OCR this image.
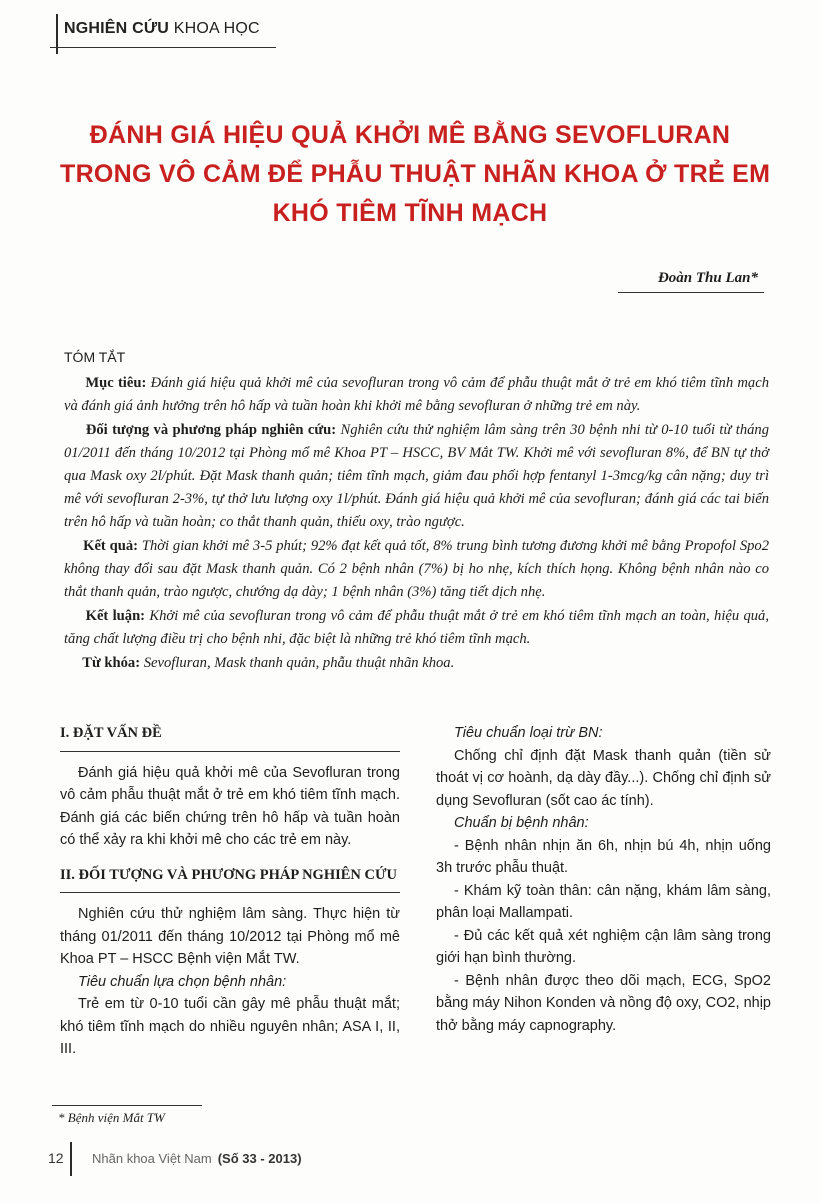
NGHIÊN CỨU KHOA HỌC
ĐÁNH GIÁ HIỆU QUẢ KHỞI MÊ BẰNG SEVOFLURAN
TRONG VÔ CẢM ĐỂ PHẪU THUẬT NHÃN KHOA Ở TRẺ EM
KHÓ TIÊM TĨNH MẠCH
Đoàn Thu Lan*
TÓM TẮT

Mục tiêu: Đánh giá hiệu quả khởi mê của sevofluran trong vô cảm để phẫu thuật mắt ở trẻ em khó tiêm tĩnh mạch và đánh giá ảnh hưởng trên hô hấp và tuần hoàn khi khởi mê bằng sevofluran ở những trẻ em này.

Đối tượng và phương pháp nghiên cứu: Nghiên cứu thử nghiệm lâm sàng trên 30 bệnh nhi từ 0-10 tuổi từ tháng 01/2011 đến tháng 10/2012 tại Phòng mổ mê Khoa PT – HSCC, BV Mắt TW. Khởi mê với sevofluran 8%, để BN tự thở qua Mask oxy 2l/phút. Đặt Mask thanh quản; tiêm tĩnh mạch, giảm đau phối hợp fentanyl 1-3mcg/kg cân nặng; duy trì mê với sevofluran 2-3%, tự thở lưu lượng oxy 1l/phút. Đánh giá hiệu quả khởi mê của sevofluran; đánh giá các tai biến trên hô hấp và tuần hoàn; co thắt thanh quản, thiếu oxy, trào ngược.

Kết quả: Thời gian khởi mê 3-5 phút; 92% đạt kết quả tốt, 8% trung bình tương đương khởi mê bằng Propofol Spo2 không thay đổi sau đặt Mask thanh quản. Có 2 bệnh nhân (7%) bị ho nhẹ, kích thích họng. Không bệnh nhân nào co thắt thanh quản, trào ngược, chướng dạ dày; 1 bệnh nhân (3%) tăng tiết dịch nhẹ.

Kết luận: Khởi mê của sevofluran trong vô cảm để phẫu thuật mắt ở trẻ em khó tiêm tĩnh mạch an toàn, hiệu quả, tăng chất lượng điều trị cho bệnh nhi, đặc biệt là những trẻ khó tiêm tĩnh mạch.

Từ khóa: Sevofluran, Mask thanh quản, phẫu thuật nhãn khoa.

I. ĐẶT VẤN ĐỀ

Đánh giá hiệu quả khởi mê của Sevofluran trong vô cảm phẫu thuật mắt ở trẻ em khó tiêm tĩnh mạch. Đánh giá các biến chứng trên hô hấp và tuần hoàn có thể xảy ra khi khởi mê cho các trẻ em này.

II. ĐỐI TƯỢNG VÀ PHƯƠNG PHÁP NGHIÊN CỨU

Nghiên cứu thử nghiệm lâm sàng. Thực hiện từ tháng 01/2011 đến tháng 10/2012 tại Phòng mổ mê Khoa PT – HSCC Bệnh viện Mắt TW.

Tiêu chuẩn lựa chọn bệnh nhân:

Trẻ em từ 0-10 tuổi cần gây mê phẫu thuật mắt; khó tiêm tĩnh mạch do nhiều nguyên nhân; ASA I, II, III.

Tiêu chuẩn loại trừ BN:

Chống chỉ định đặt Mask thanh quản (tiền sử thoát vị cơ hoành, dạ dày đầy...). Chống chỉ định sử dụng Sevofluran (sốt cao ác tính).

Chuẩn bị bệnh nhân:

- Bệnh nhân nhịn ăn 6h, nhịn bú 4h, nhịn uống 3h trước phẫu thuật.

- Khám kỹ toàn thân: cân nặng, khám lâm sàng, phân loại Mallampati.

- Đủ các kết quả xét nghiệm cận lâm sàng trong giới hạn bình thường.

- Bệnh nhân được theo dõi mạch, ECG, SpO2 bằng máy Nihon Konden và nồng độ oxy, CO2, nhịp thở bằng máy capnography.

* Bệnh viện Mắt TW
12 Nhãn khoa Việt Nam (Số 33 - 2013)
